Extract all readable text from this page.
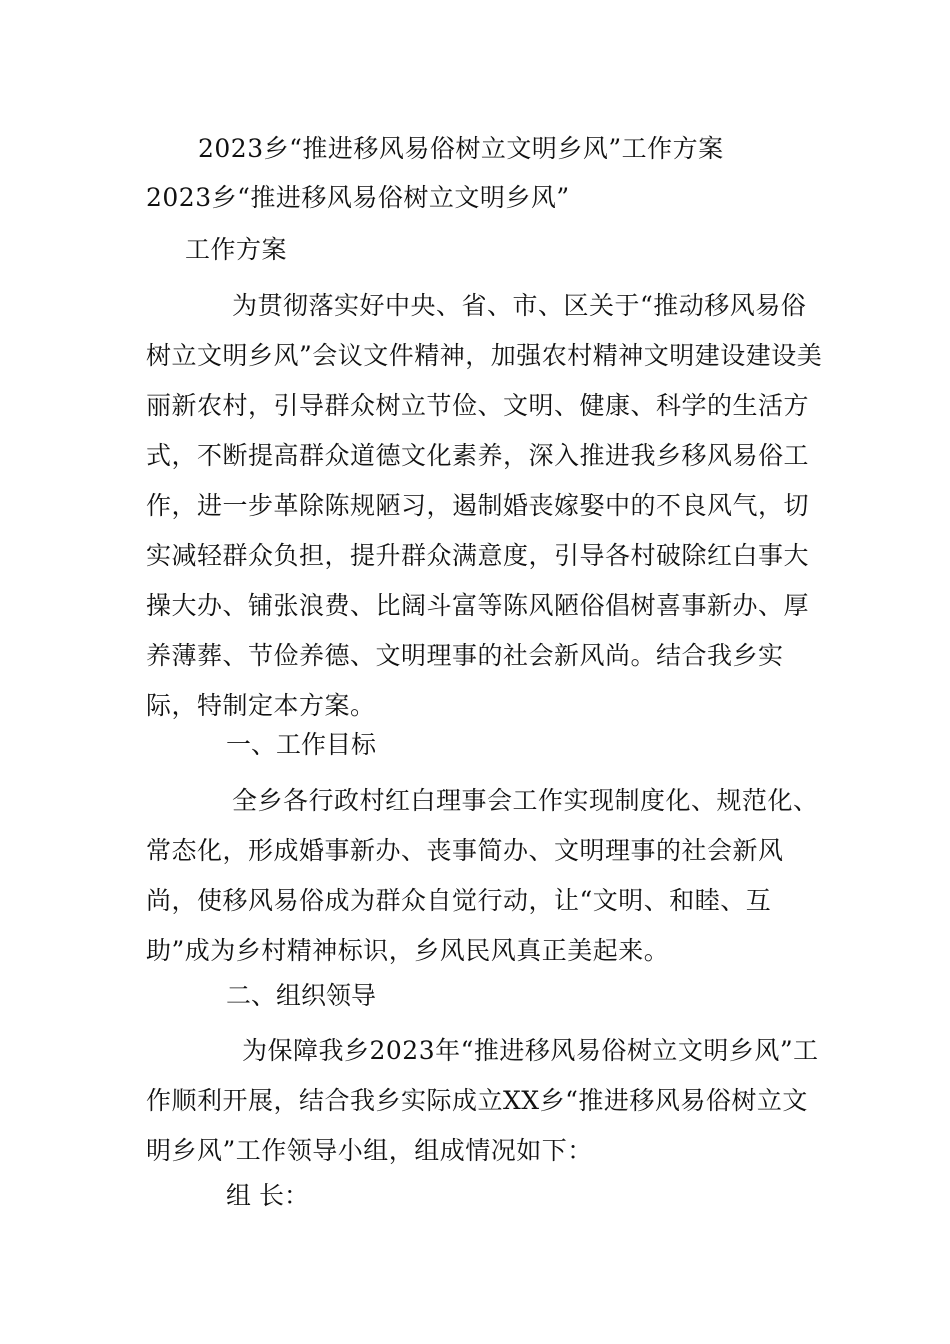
2023乡“推进移风易俗树立文明乡风”工作方案
2023乡“推进移风易俗树立文明乡风”
工作方案
为贯彻落实好中央、省、市、区关于“推动移风易俗树立文明乡风”会议文件精神，加强农村精神文明建设建设美丽新农村，引导群众树立节俭、文明、健康、科学的生活方式，不断提高群众道德文化素养，深入推进我乡移风易俗工作，进一步革除陈规陋习，遏制婚丧嫁娶中的不良风气，切实减轻群众负担，提升群众满意度，引导各村破除红白事大操大办、铺张浪费、比阔斗富等陈风陋俗倡树喜事新办、厚养薄葬、节俭养德、文明理事的社会新风尚。结合我乡实际，特制定本方案。
一、工作目标
全乡各行政村红白理事会工作实现制度化、规范化、常态化，形成婚事新办、丧事简办、文明理事的社会新风尚，使移风易俗成为群众自觉行动，让“文明、和睦、互助”成为乡村精神标识，乡风民风真正美起来。
二、组织领导
为保障我乡2023年“推进移风易俗树立文明乡风”工作顺利开展，结合我乡实际成立XX乡“推进移风易俗树立文明乡风”工作领导小组，组成情况如下：
组 长：
